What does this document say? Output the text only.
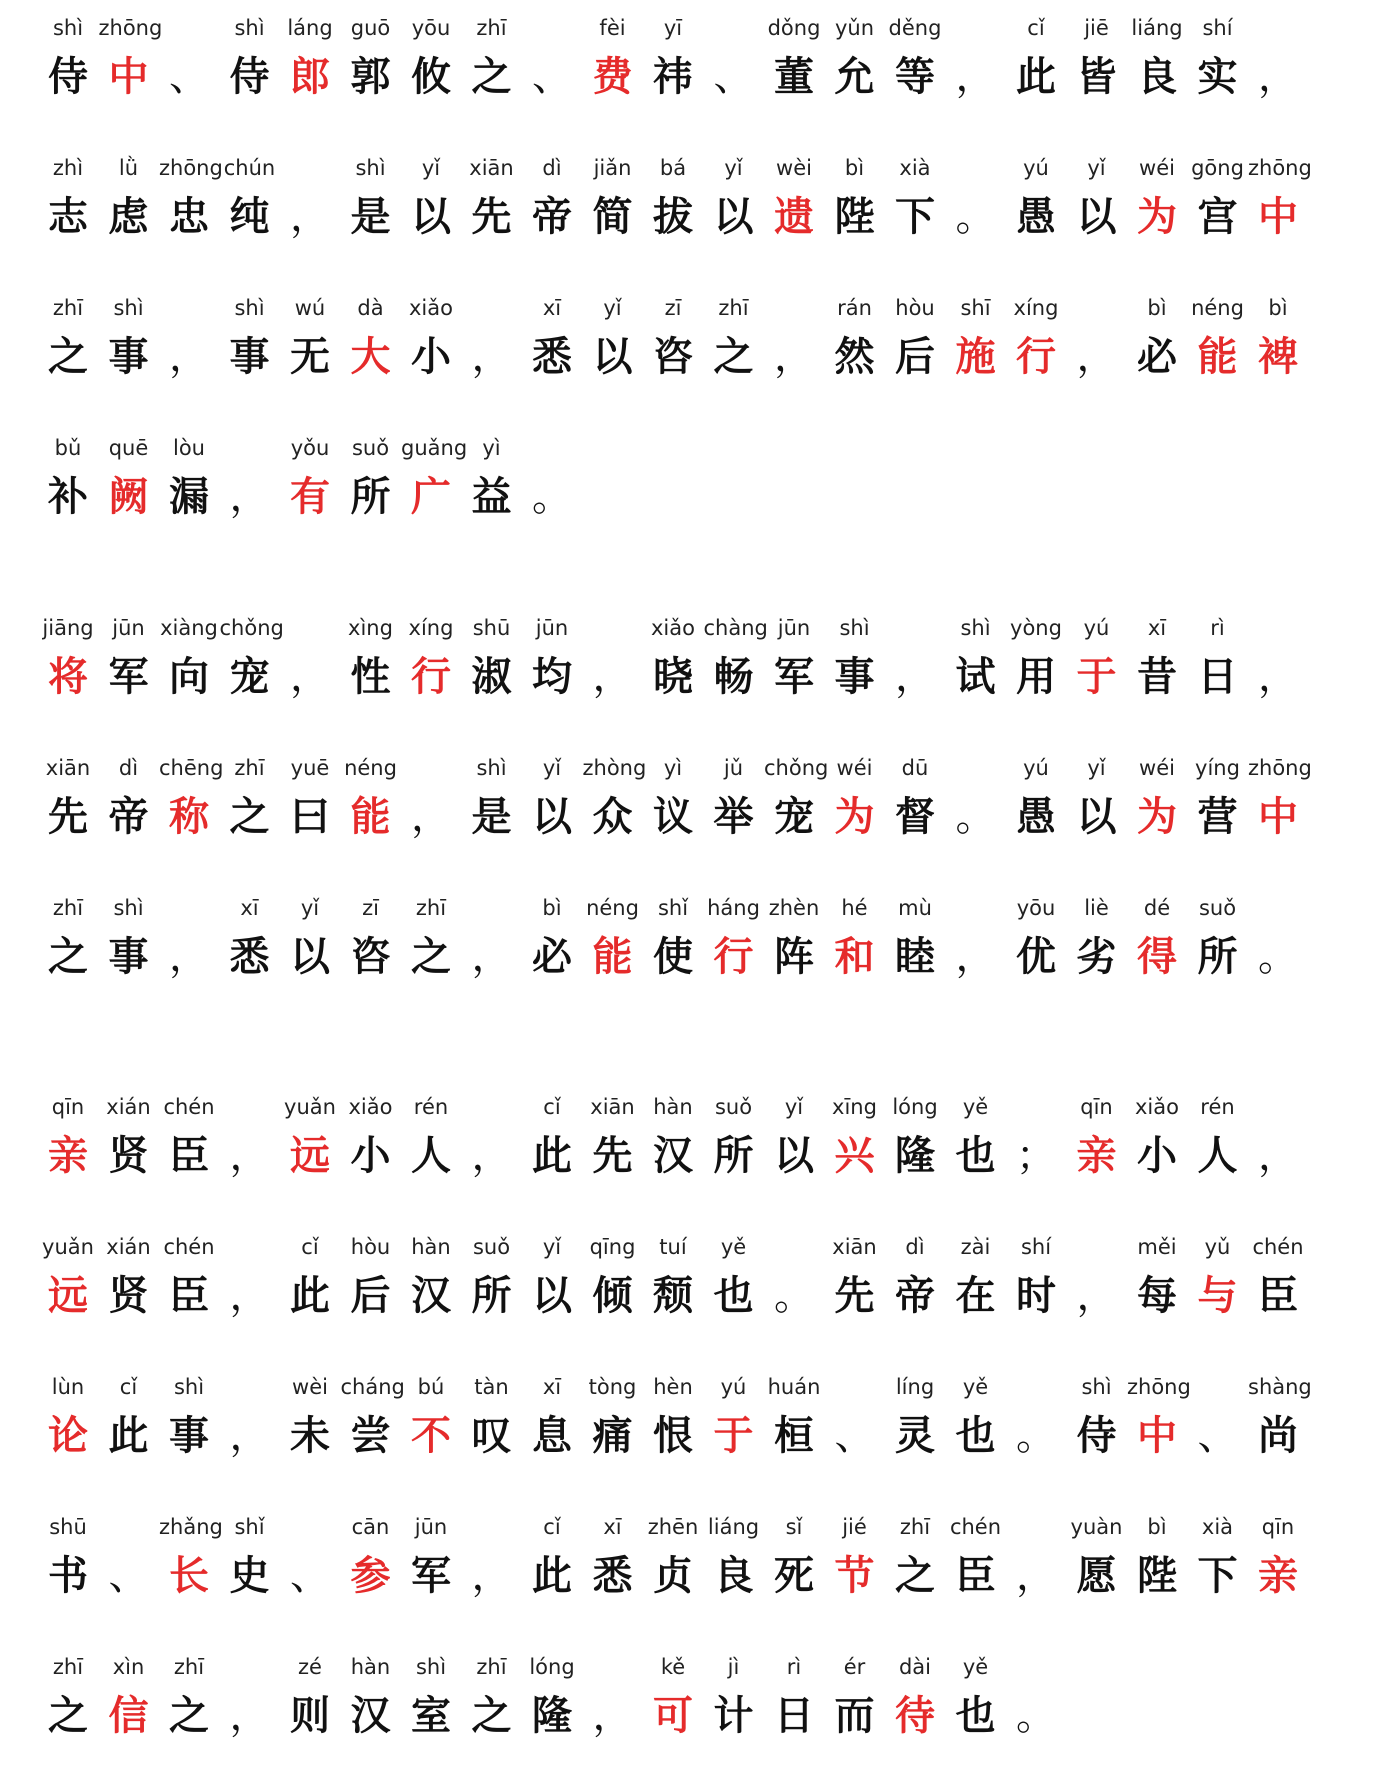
shì
侍
zhōng
中 、
shì
侍
láng
郎
guō
郭
yōu
攸
zhī
之 、
fèi
费
yī
祎 、
dǒng
董
yǔn
允
děng
等 ，
cǐ
此
jiē
皆
liáng
良
shí
实 ，
zhì
志
lǜ
虑
zhōng
忠
chún
纯 ，
shì
是
yǐ
以
xiān
先
dì
帝
jiǎn
简
bá
拔
yǐ
以
wèi
遗
bì
陛
xià
下 。
yú
愚
yǐ
以
wéi
为
gōng
宫
zhōng
中
zhī
之
shì
事 ，
shì
事
wú
无
dà
大
xiǎo
小 ，
xī
悉
yǐ
以
zī
咨
zhī
之 ，
rán
然
hòu
后
shī
施
xíng
行 ，
bì
必
néng
能
bì
裨
bǔ
补
quē
阙
lòu
漏 ，
yǒu
有
suǒ
所
guǎng
广
yì
益 。
jiāng
将
jūn
军
xiàng
向
chǒng
宠 ，
xìng
性
xíng
行
shū
淑
jūn
均 ，
xiǎo
晓
chàng
畅
jūn
军
shì
事 ，
shì
试
yòng
用
yú
于
xī
昔
rì
日 ，
xiān
先
dì
帝
chēng
称
zhī
之
yuē
曰
néng
能 ，
shì
是
yǐ
以
zhòng
众
yì
议
jǔ
举
chǒng
宠
wéi
为
dū
督 。
yú
愚
yǐ
以
wéi
为
yíng
营
zhōng
中
zhī
之
shì
事 ，
xī
悉
yǐ
以
zī
咨
zhī
之 ，
bì
必
néng
能
shǐ
使
háng
行
zhèn
阵
hé
和
mù
睦 ，
yōu
优
liè
劣
dé
得
suǒ
所 。
qīn
亲
xián
贤
chén
臣 ，
yuǎn
远
xiǎo
小
rén
人 ，
cǐ
此
xiān
先
hàn
汉
suǒ
所
yǐ
以
xīng
兴
lóng
隆
yě
也 ；
qīn
亲
xiǎo
小
rén
人 ，
yuǎn
远
xián
贤
chén
臣 ，
cǐ
此
hòu
后
hàn
汉
suǒ
所
yǐ
以
qīng
倾
tuí
颓
yě
也 。
xiān
先
dì
帝
zài
在
shí
时 ，
měi
每
yǔ
与
chén
臣
lùn
论
cǐ
此
shì
事 ，
wèi
未
cháng
尝
bú
不
tàn
叹
xī
息
tòng
痛
hèn
恨
yú
于
huán
桓 、
líng
灵
yě
也 。
shì
侍
zhōng
中 、
shàng
尚
shū
书 、
zhǎng
长
shǐ
史 、
cān
参
jūn
军 ，
cǐ
此
xī
悉
zhēn
贞
liáng
良
sǐ
死
jié
节
zhī
之
chén
臣 ，
yuàn
愿
bì
陛
xià
下
qīn
亲
zhī
之
xìn
信
zhī
之 ，
zé
则
hàn
汉
shì
室
zhī
之
lóng
隆 ，
kě
可
jì
计
rì
日
ér
而
dài
待
yě
也 。
